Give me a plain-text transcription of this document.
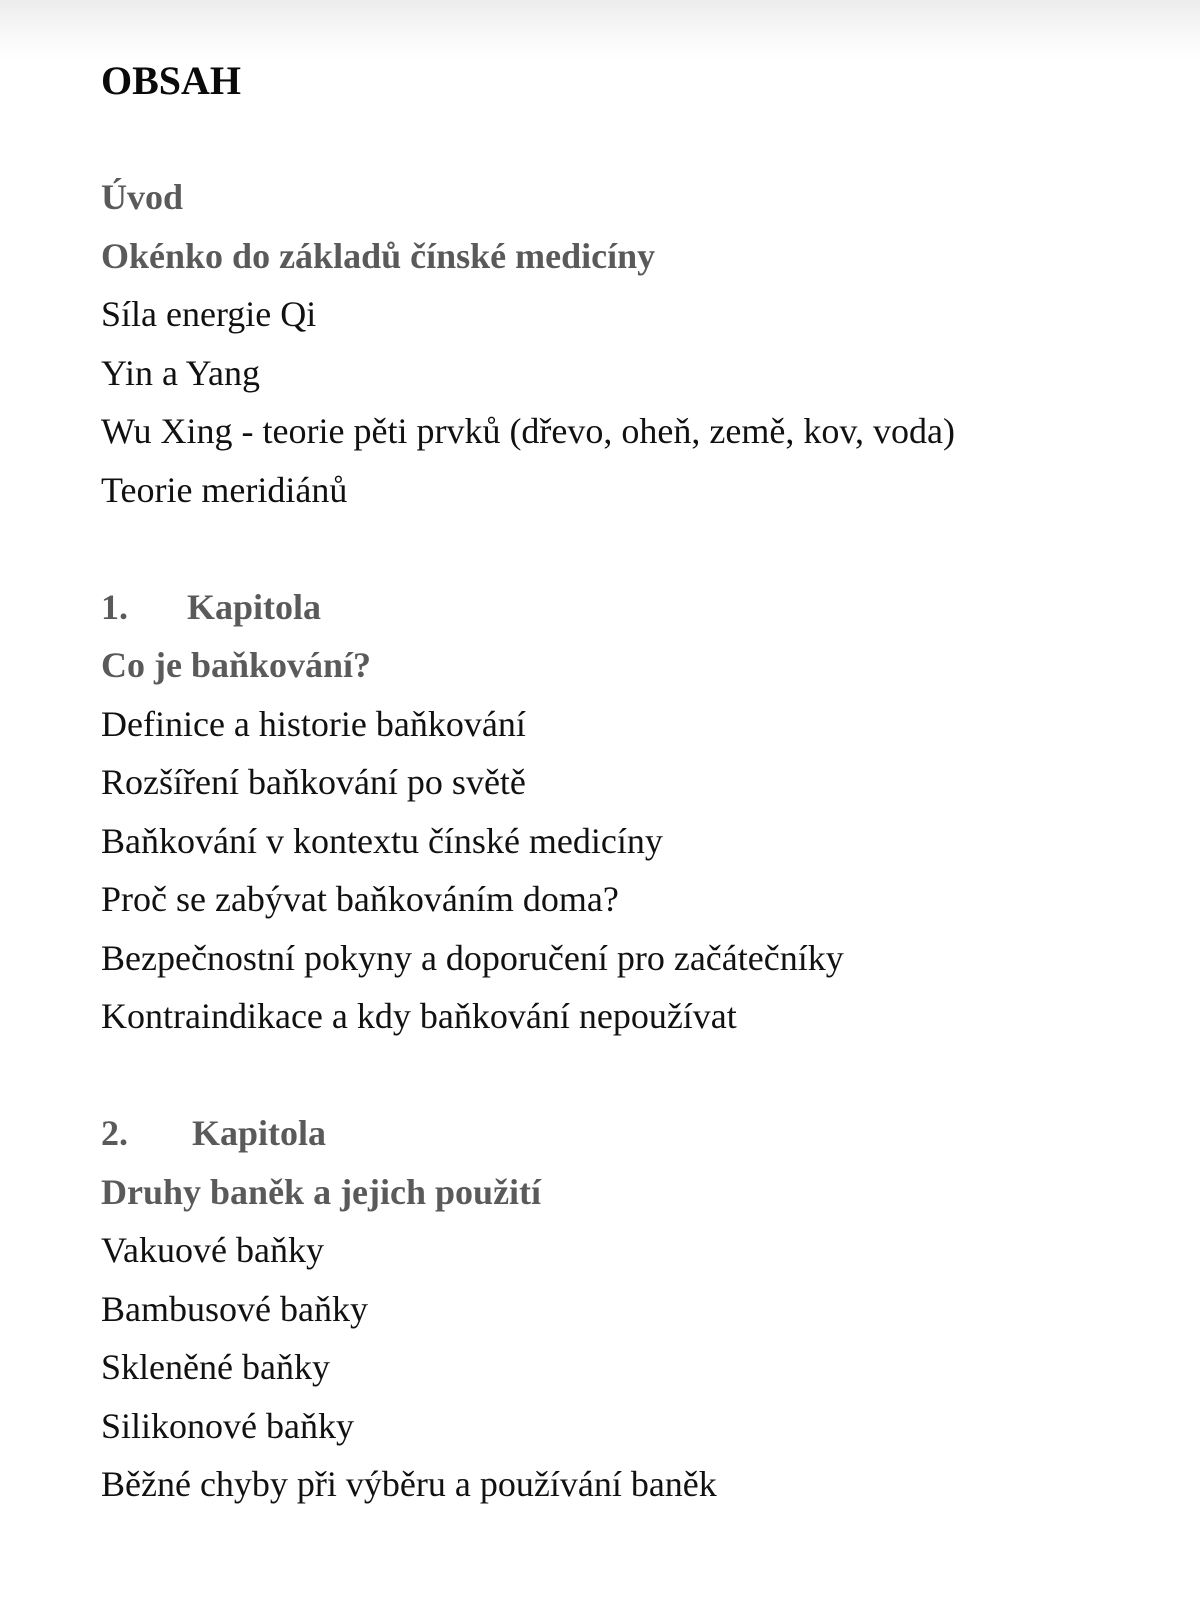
OBSAH
Úvod
Okénko do základů čínské medicíny
Síla energie Qi
Yin a Yang
Wu Xing - teorie pěti prvků (dřevo, oheň, země, kov, voda)
Teorie meridiánů
1. Kapitola
Co je baňkování?
Definice a historie baňkování
Rozšíření baňkování po světě
Baňkování v kontextu čínské medicíny
Proč se zabývat baňkováním doma?
Bezpečnostní pokyny a doporučení pro začátečníky
Kontraindikace a kdy baňkování nepoužívat
2. Kapitola
Druhy baněk a jejich použití
Vakuové baňky
Bambusové baňky
Skleněné baňky
Silikonové baňky
Běžné chyby při výběru a používání baněk
